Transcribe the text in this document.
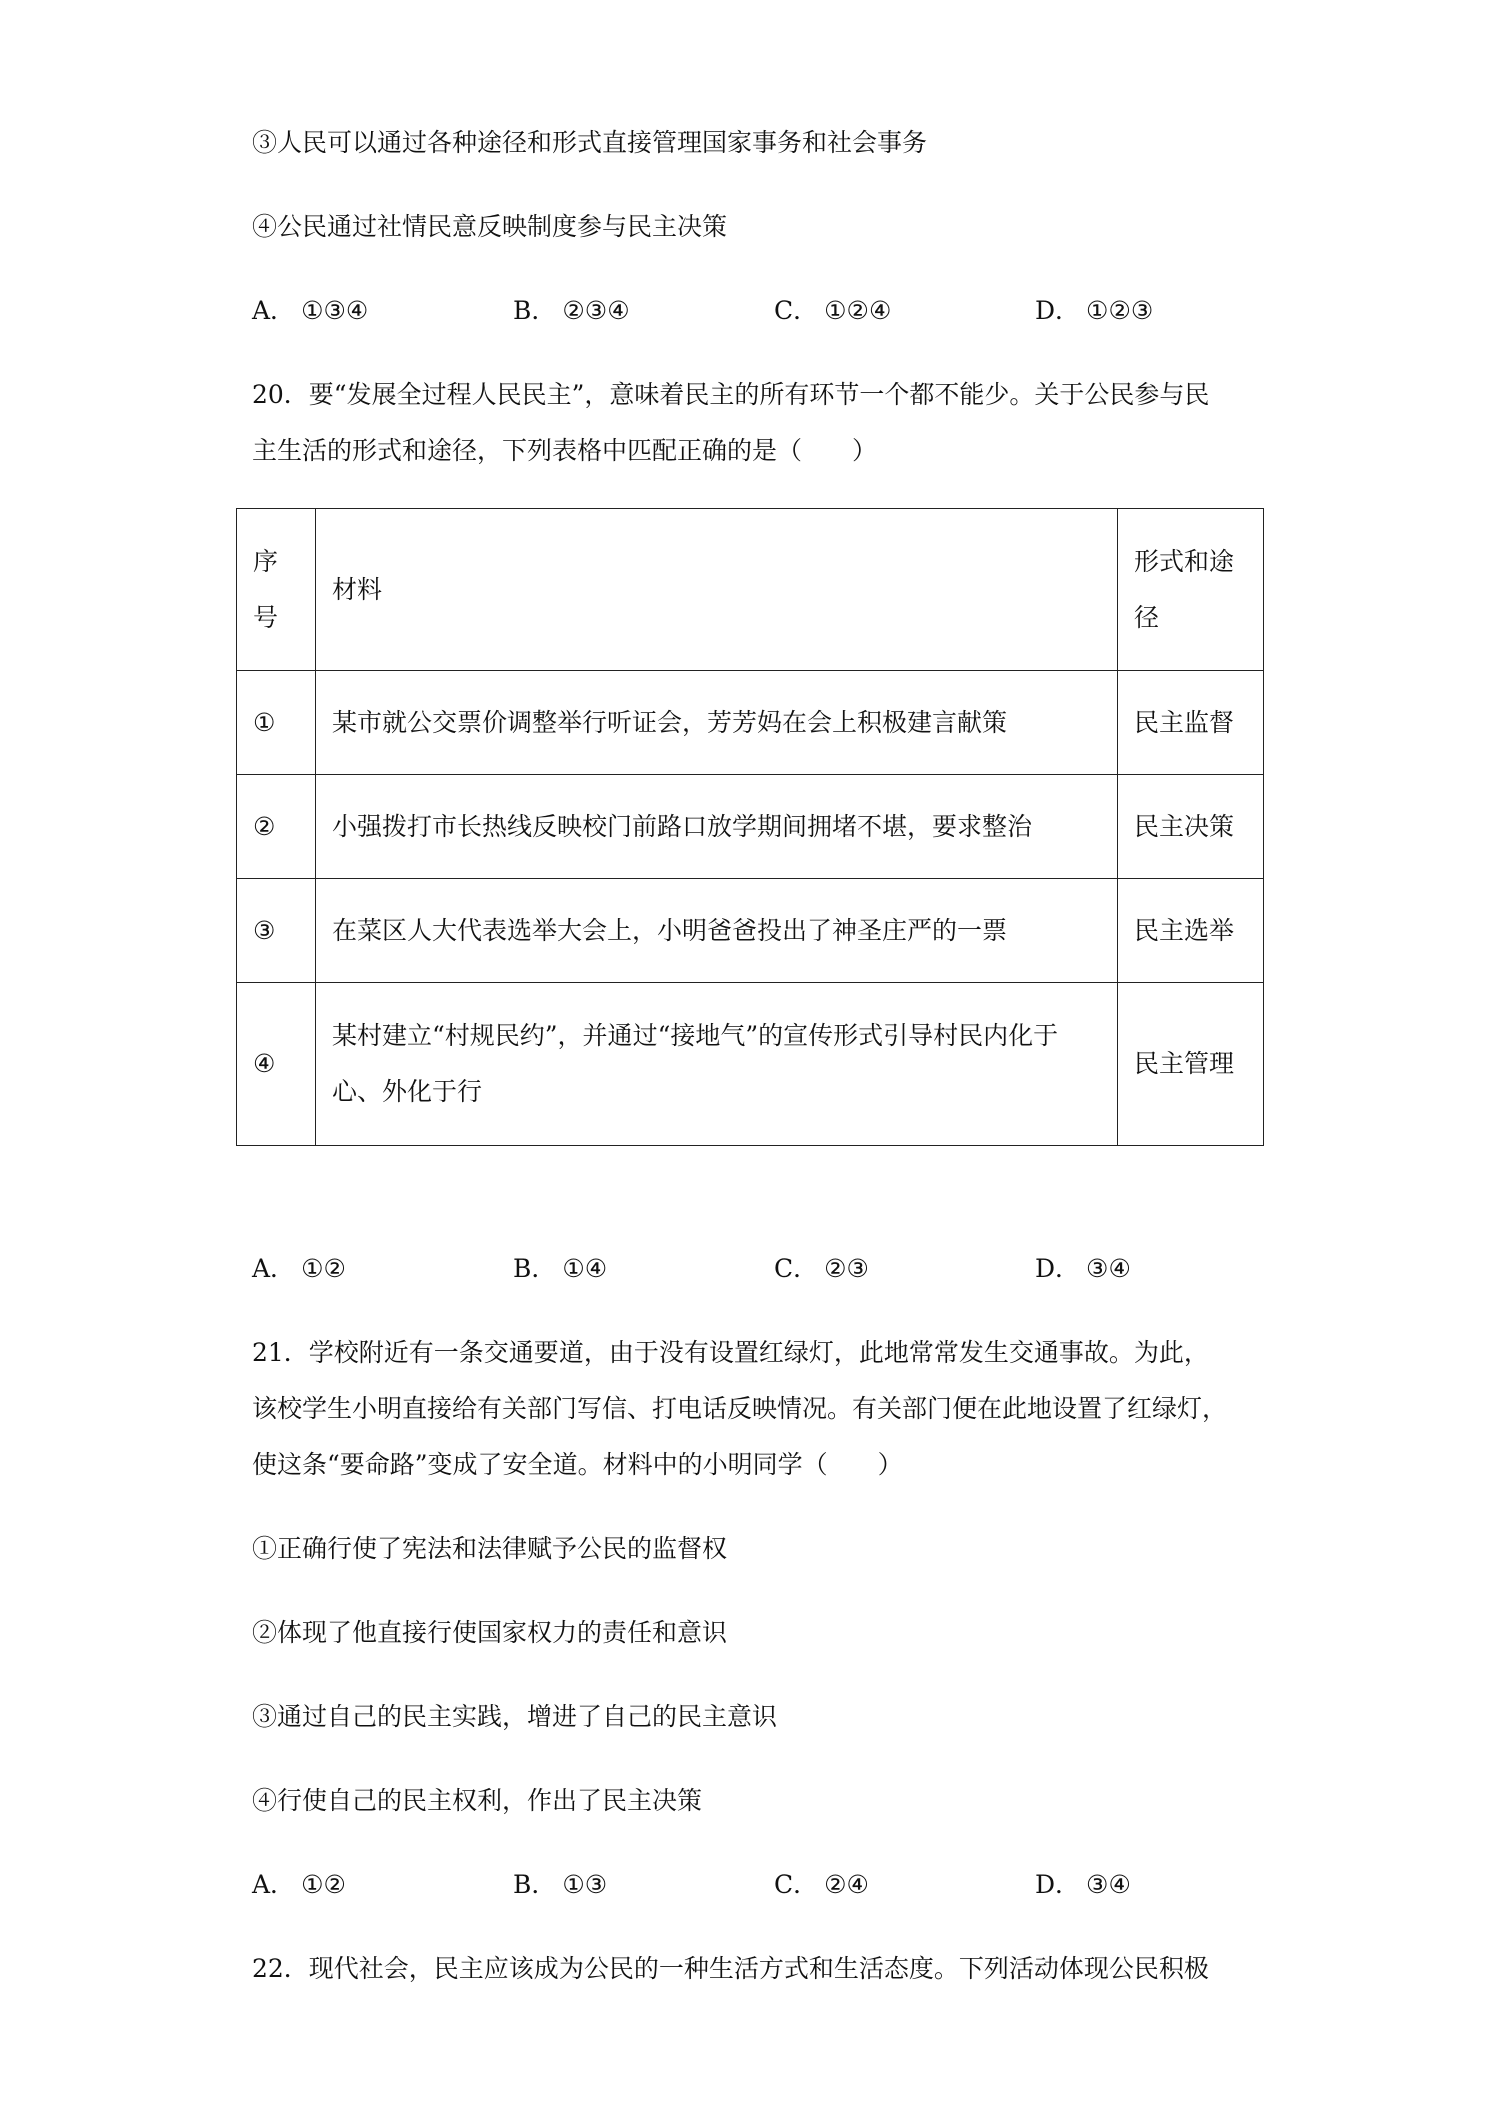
③人民可以通过各种途径和形式直接管理国家事务和社会事务
④公民通过社情民意反映制度参与民主决策
A． ①③④	B． ②③④	C． ①②④	D． ①②③
20．要“发展全过程人民民主”，意味着民主的所有环节一个都不能少。关于公民参与民
主生活的形式和途径，下列表格中匹配正确的是（　　）
序号	材料	形式和途径

①	某市就公交票价调整举行听证会，芳芳妈在会上积极建言献策	民主监督
②	小强拨打市长热线反映校门前路口放学期间拥堵不堪，要求整治	民主决策
③	在菜区人大代表选举大会上，小明爸爸投出了神圣庄严的一票	民主选举
④	某村建立“村规民约”，并通过“接地气”的宣传形式引导村民内化于心、外化于行	民主管理
A． ①②	B． ①④	C． ②③	D． ③④
21．学校附近有一条交通要道，由于没有设置红绿灯，此地常常发生交通事故。为此，
该校学生小明直接给有关部门写信、打电话反映情况。有关部门便在此地设置了红绿灯，
使这条“要命路”变成了安全道。材料中的小明同学（　　）
①正确行使了宪法和法律赋予公民的监督权
②体现了他直接行使国家权力的责任和意识
③通过自己的民主实践，增进了自己的民主意识
④行使自己的民主权利，作出了民主决策
A． ①②	B． ①③	C． ②④	D． ③④
22．现代社会，民主应该成为公民的一种生活方式和生活态度。下列活动体现公民积极
